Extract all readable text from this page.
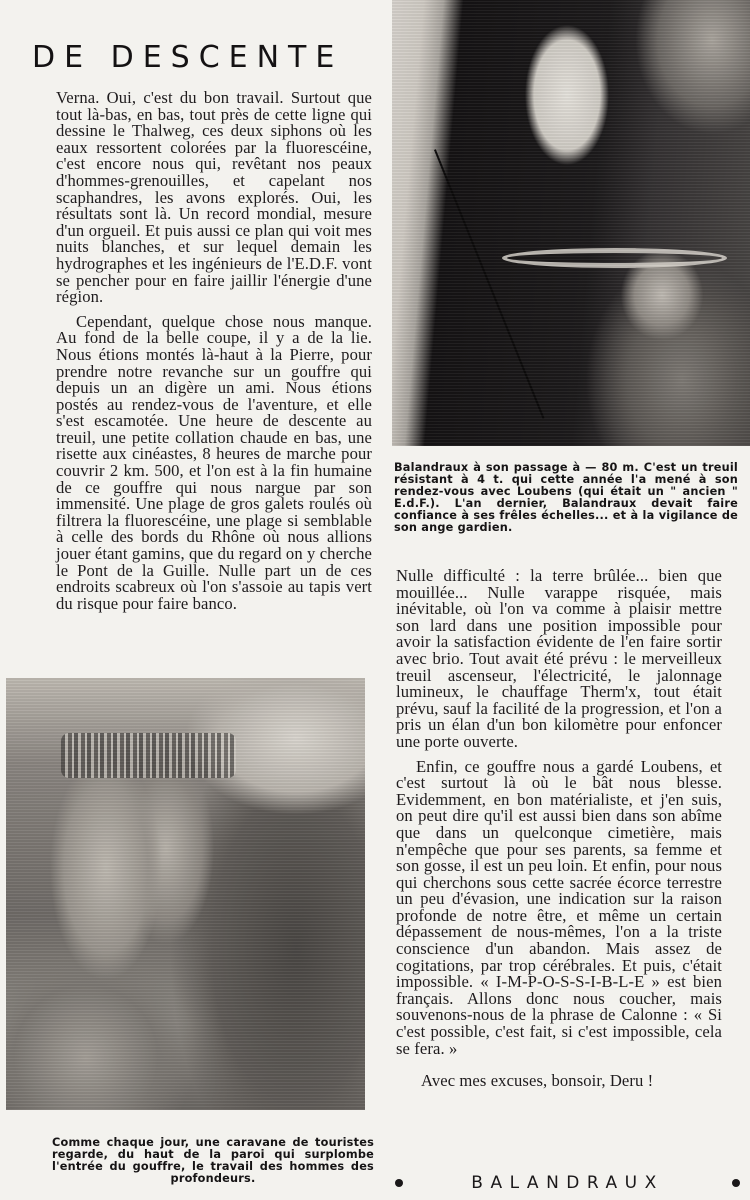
DE DESCENTE

Verna. Oui, c'est du bon travail. Surtout que tout là-bas, en bas, tout près de cette ligne qui dessine le Thalweg, ces deux siphons où les eaux ressortent colorées par la fluorescéine, c'est encore nous qui, revêtant nos peaux d'hommes-grenouilles, et capelant nos scaphandres, les avons explorés. Oui, les résultats sont là. Un record mondial, mesure d'un orgueil. Et puis aussi ce plan qui voit mes nuits blanches, et sur lequel demain les hydrographes et les ingénieurs de l'E.D.F. vont se pencher pour en faire jaillir l'énergie d'une région.

Cependant, quelque chose nous manque. Au fond de la belle coupe, il y a de la lie. Nous étions montés là-haut à la Pierre, pour prendre notre revanche sur un gouffre qui depuis un an digère un ami. Nous étions postés au rendez-vous de l'aventure, et elle s'est escamotée. Une heure de descente au treuil, une petite collation chaude en bas, une risette aux cinéastes, 8 heures de marche pour couvrir 2 km. 500, et l'on est à la fin humaine de ce gouffre qui nous nargue par son immensité. Une plage de gros galets roulés où filtrera la fluorescéine, une plage si semblable à celle des bords du Rhône où nous allions jouer étant gamins, que du regard on y cherche le Pont de la Guille. Nulle part un de ces endroits scabreux où l'on s'assoie au tapis vert du risque pour faire banco.

Balandraux à son passage à — 80 m. C'est un treuil résistant à 4 t. qui cette année l'a mené à son rendez-vous avec Loubens (qui était un " ancien " E.d.F.). L'an dernier, Balandraux devait faire confiance à ses frêles échelles... et à la vigilance de son ange gardien.

Nulle difficulté : la terre brûlée... bien que mouillée... Nulle varappe risquée, mais inévitable, où l'on va comme à plaisir mettre son lard dans une position impossible pour avoir la satisfaction évidente de l'en faire sortir avec brio. Tout avait été prévu : le merveilleux treuil ascenseur, l'électricité, le jalonnage lumineux, le chauffage Therm'x, tout était prévu, sauf la facilité de la progression, et l'on a pris un élan d'un bon kilomètre pour enfoncer une porte ouverte.

Enfin, ce gouffre nous a gardé Loubens, et c'est surtout là où le bât nous blesse. Evidemment, en bon matérialiste, et j'en suis, on peut dire qu'il est aussi bien dans son abîme que dans un quelconque cimetière, mais n'empêche que pour ses parents, sa femme et son gosse, il est un peu loin. Et enfin, pour nous qui cherchons sous cette sacrée écorce terrestre un peu d'évasion, une indication sur la raison profonde de notre être, et même un certain dépassement de nous-mêmes, l'on a la triste conscience d'un abandon. Mais assez de cogitations, par trop cérébrales. Et puis, c'était impossible. « I-M-P-O-S-S-I-B-L-E » est bien français. Allons donc nous coucher, mais souvenons-nous de la phrase de Calonne : « Si c'est possible, c'est fait, si c'est impossible, cela se fera. »

Avec mes excuses, bonsoir, Deru !

Comme chaque jour, une caravane de touristes regarde, du haut de la paroi qui surplombe l'entrée du gouffre, le travail des hommes des profondeurs.	BALANDRAUX
